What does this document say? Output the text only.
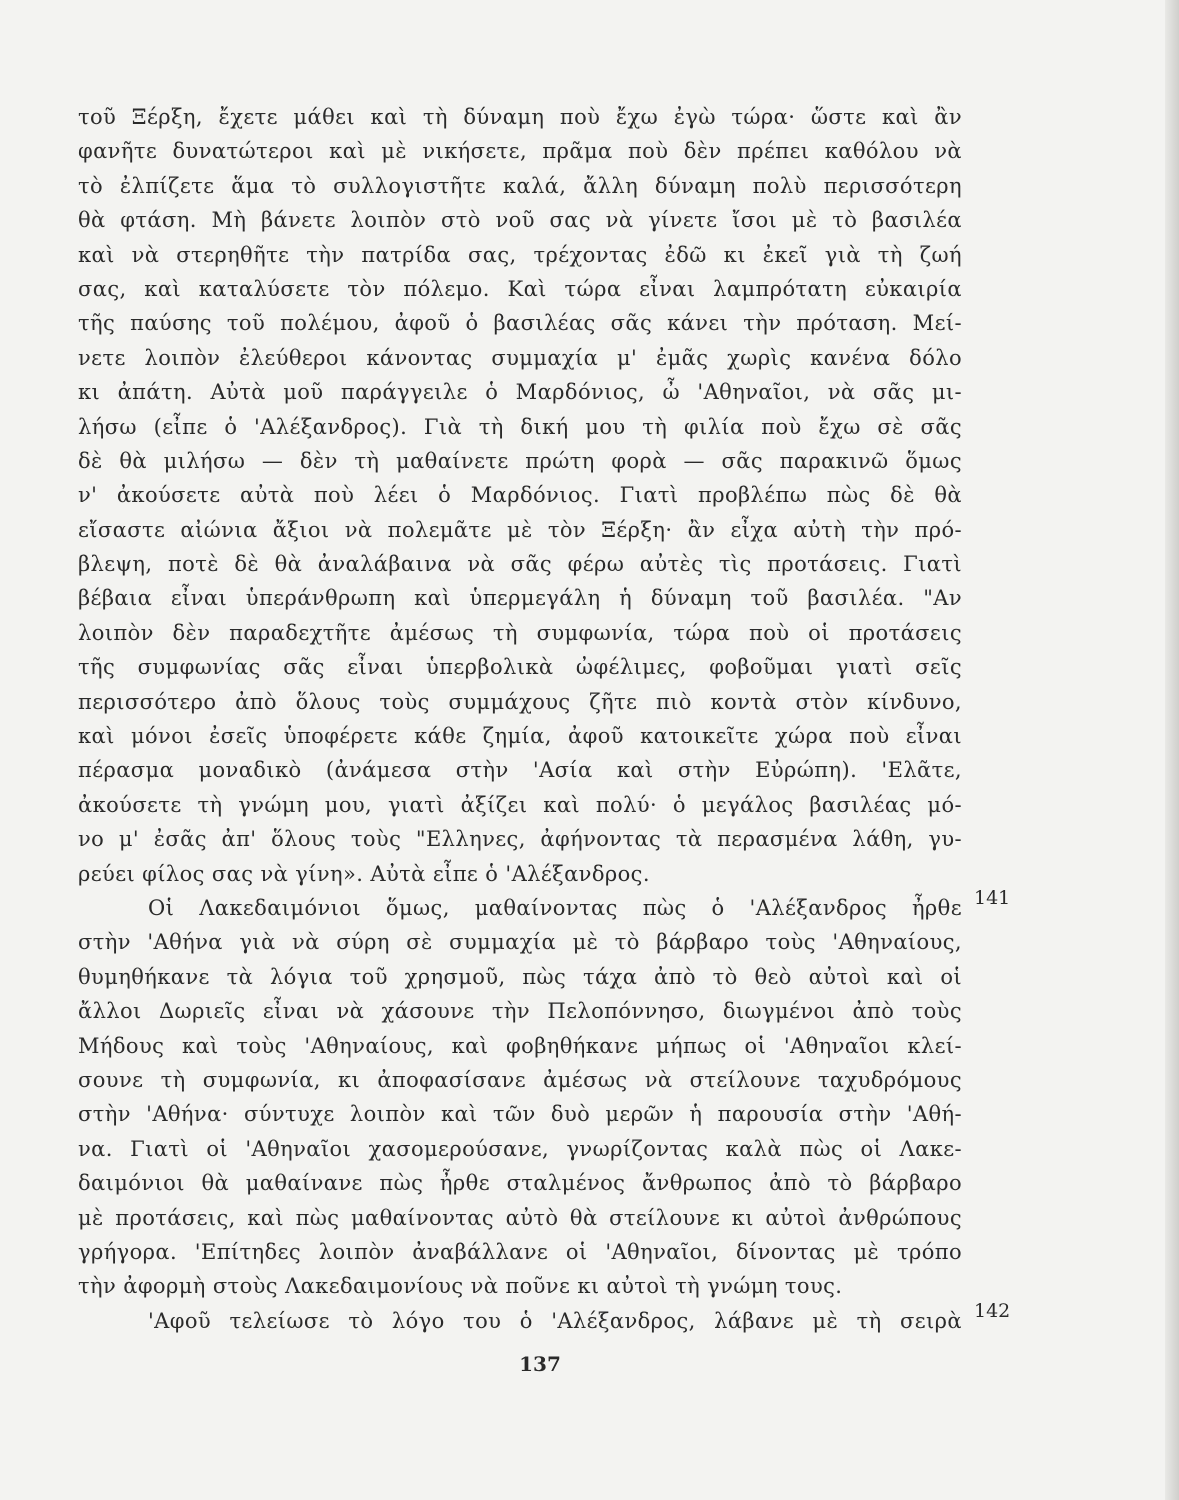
τοῦ Ξέρξη, ἔχετε μάθει καὶ τὴ δύναμη ποὺ ἔχω ἐγὼ τώρα· ὥστε καὶ ἂν
φανῆτε δυνατώτεροι καὶ μὲ νικήσετε, πρᾶμα ποὺ δὲν πρέπει καθόλου νὰ
τὸ ἐλπίζετε ἅμα τὸ συλλογιστῆτε καλά, ἄλλη δύναμη πολὺ περισσότερη
θὰ φτάση. Μὴ βάνετε λοιπὸν στὸ νοῦ σας νὰ γίνετε ἴσοι μὲ τὸ βασιλέα
καὶ νὰ στερηθῆτε τὴν πατρίδα σας, τρέχοντας ἐδῶ κι ἐκεῖ γιὰ τὴ ζωή
σας, καὶ καταλύσετε τὸν πόλεμο. Καὶ τώρα εἶναι λαμπρότατη εὐκαιρία
τῆς παύσης τοῦ πολέμου, ἀφοῦ ὁ βασιλέας σᾶς κάνει τὴν πρόταση. Μεί-
νετε λοιπὸν ἐλεύθεροι κάνοντας συμμαχία μ' ἐμᾶς χωρὶς κανένα δόλο
κι ἀπάτη. Αὐτὰ μοῦ παράγγειλε ὁ Μαρδόνιος, ὦ 'Αθηναῖοι, νὰ σᾶς μι-
λήσω (εἶπε ὁ 'Αλέξανδρος). Γιὰ τὴ δική μου τὴ φιλία ποὺ ἔχω σὲ σᾶς
δὲ θὰ μιλήσω — δὲν τὴ μαθαίνετε πρώτη φορὰ — σᾶς παρακινῶ ὅμως
ν' ἀκούσετε αὐτὰ ποὺ λέει ὁ Μαρδόνιος. Γιατὶ προβλέπω πὼς δὲ θὰ
εἴσαστε αἰώνια ἄξιοι νὰ πολεμᾶτε μὲ τὸν Ξέρξη· ἂν εἶχα αὐτὴ τὴν πρό-
βλεψη, ποτὲ δὲ θὰ ἀναλάβαινα νὰ σᾶς φέρω αὐτὲς τὶς προτάσεις. Γιατὶ
βέβαια εἶναι ὑπεράνθρωπη καὶ ὑπερμεγάλη ἡ δύναμη τοῦ βασιλέα. "Αν
λοιπὸν δὲν παραδεχτῆτε ἀμέσως τὴ συμφωνία, τώρα ποὺ οἱ προτάσεις
τῆς συμφωνίας σᾶς εἶναι ὑπερβολικὰ ὠφέλιμες, φοβοῦμαι γιατὶ σεῖς
περισσότερο ἀπὸ ὅλους τοὺς συμμάχους ζῆτε πιὸ κοντὰ στὸν κίνδυνο,
καὶ μόνοι ἐσεῖς ὑποφέρετε κάθε ζημία, ἀφοῦ κατοικεῖτε χώρα ποὺ εἶναι
πέρασμα μοναδικὸ (ἀνάμεσα στὴν 'Ασία καὶ στὴν Εὐρώπη). 'Ελᾶτε,
ἀκούσετε τὴ γνώμη μου, γιατὶ ἀξίζει καὶ πολύ· ὁ μεγάλος βασιλέας μό-
νο μ' ἐσᾶς ἀπ' ὅλους τοὺς "Ελληνες, ἀφήνοντας τὰ περασμένα λάθη, γυ-
ρεύει φίλος σας νὰ γίνη». Αὐτὰ εἶπε ὁ 'Αλέξανδρος.
Οἱ Λακεδαιμόνιοι ὅμως, μαθαίνοντας πὼς ὁ 'Αλέξανδρος ἦρθε
στὴν 'Αθήνα γιὰ νὰ σύρη σὲ συμμαχία μὲ τὸ βάρβαρο τοὺς 'Αθηναίους,
θυμηθήκανε τὰ λόγια τοῦ χρησμοῦ, πὼς τάχα ἀπὸ τὸ θεὸ αὐτοὶ καὶ οἱ
ἄλλοι Δωριεῖς εἶναι νὰ χάσουνε τὴν Πελοπόννησο, διωγμένοι ἀπὸ τοὺς
Μήδους καὶ τοὺς 'Αθηναίους, καὶ φοβηθήκανε μήπως οἱ 'Αθηναῖοι κλεί-
σουνε τὴ συμφωνία, κι ἀποφασίσανε ἀμέσως νὰ στείλουνε ταχυδρόμους
στὴν 'Αθήνα· σύντυχε λοιπὸν καὶ τῶν δυὸ μερῶν ἡ παρουσία στὴν 'Αθή-
να. Γιατὶ οἱ 'Αθηναῖοι χασομερούσανε, γνωρίζοντας καλὰ πὼς οἱ Λακε-
δαιμόνιοι θὰ μαθαίνανε πὼς ἦρθε σταλμένος ἄνθρωπος ἀπὸ τὸ βάρβαρο
μὲ προτάσεις, καὶ πὼς μαθαίνοντας αὐτὸ θὰ στείλουνε κι αὐτοὶ ἀνθρώπους
γρήγορα. 'Επίτηδες λοιπὸν ἀναβάλλανε οἱ 'Αθηναῖοι, δίνοντας μὲ τρόπο
τὴν ἀφορμὴ στοὺς Λακεδαιμονίους νὰ ποῦνε κι αὐτοὶ τὴ γνώμη τους.
'Αφοῦ τελείωσε τὸ λόγο του ὁ 'Αλέξανδρος, λάβανε μὲ τὴ σειρὰ
141
142
137
